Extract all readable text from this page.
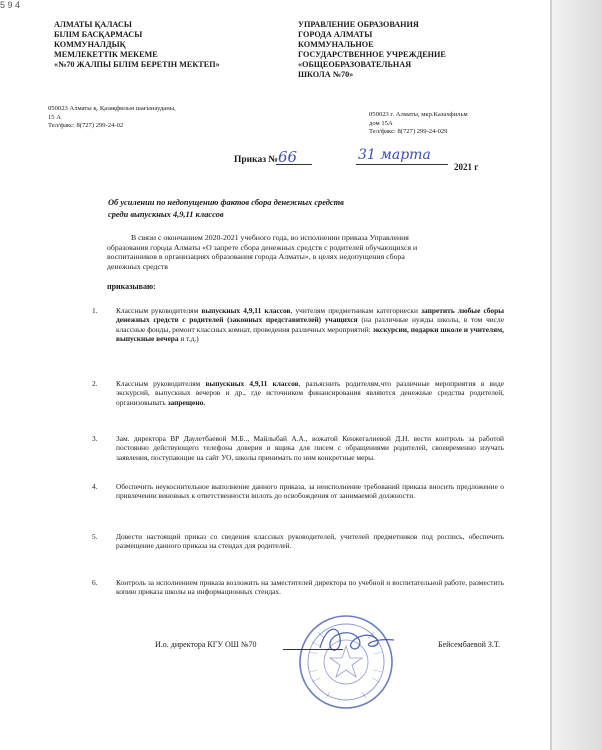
5 9 4
АЛМАТЫ ҚАЛАСЫ
БІЛІМ БАСҚАРМАСЫ
КОММУНАЛДЫҚ
МЕМЛЕКЕТТІК МЕКЕМЕ
«№70 ЖАЛПЫ БІЛІМ БЕРЕТІН МЕКТЕП»
УПРАВЛЕНИЕ ОБРАЗОВАНИЯ
ГОРОДА АЛМАТЫ
КОММУНАЛЬНОЕ
ГОСУДАРСТВЕННОЕ УЧРЕЖДЕНИЕ
«ОБЩЕОБРАЗОВАТЕЛЬНАЯ
ШКОЛА №70»
050023 Алматы қ. Қазақфильм шағынауданы,
15 А
Тел/факс: 8(727) 299-24-02
050023 г. Алматы, мкр.Казахфильм
дом 15А
Тел/факс: 8(727) 299-24-029
Приказ № 66	31 марта
2021 г
Об усилении по недопущению фактов сбора денежных средств
среди выпускных 4,9,11 классов
В связи с окончанием 2020-2021 учебного года, во исполнении приказа Управления
образования города Алматы «О запрете сбора денежных средств с родителей обучающихся и
воспитанников в организациях образования города Алматы», в целях недопущения сбора
денежных средств
приказываю:
1.	Классным руководителям выпускных 4,9,11 классов, учителям предметникам категориески запретить любые сборы денежных средств с родителей (законных представителей) учащихся (на различные нужды школы, в том числе классные фонды, ремонт классных комнат, проведения различных мероприятий: экскурсии, подарки школе и учителям, выпускные вечера и т.д.)
2.	Классным руководителям выпускных 4,9,11 классов, разъяснить родителям,что различные мероприятия в виде экскурсий, выпускных вечеров и др., где источником финансирования являются денежные средства родителей, организовывать запрещено.
3.	Зам. директора ВР Даулетбаевой М.Б.., Майлыбай А.А., вожатой Кенжегалиевой Д.Н. вести контроль за работой постоянно действующего телефона доверия и ящика для писем с обращениями родителей, своевременно изучать заявления, поступающие на сайт УО, школы принимать по ним конкретные меры.
4.	Обеспечить неукоснительное выполнение данного приказа, за неисполнение требований приказа вносить предложение о привлечении виновных к ответственности вплоть до освобождения от занимаемой должности.
5.	Довести настоящий приказ со сведения классных руководителей, учителей предметников под роспись, обеспечить размещение данного приказа на стендах для родителей.
6.	Контроль за исполнением приказа возложить на заместителей директора по учебной и воспитательной работе, разместить копию приказа школы на информационных стендах.
И.о. директора КГУ ОШ №70	Бейсембаевой З.Т.
